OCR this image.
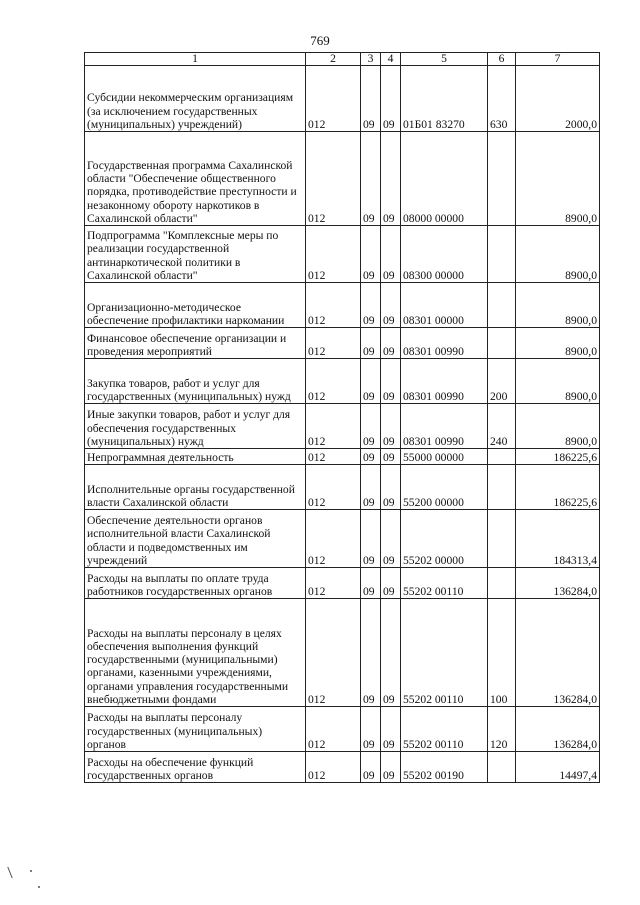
769
1	2	3	4	5	6	7
Субсидии некоммерческим организациям (за исключением государственных (муниципальных) учреждений)	012	09	09	01Б01 83270	630	2000,0
Государственная программа Сахалинской области "Обеспечение общественного порядка, противодействие преступности и незаконному обороту наркотиков в Сахалинской области"	012	09	09	08000 00000		8900,0
Подпрограмма "Комплексные меры по реализации государственной антинаркотической политики в Сахалинской области"	012	09	09	08300 00000		8900,0
Организационно-методическое обеспечение профилактики наркомании	012	09	09	08301 00000		8900,0
Финансовое обеспечение организации и проведения мероприятий	012	09	09	08301 00990		8900,0
Закупка товаров, работ и услуг для государственных (муниципальных) нужд	012	09	09	08301 00990	200	8900,0
Иные закупки товаров, работ и услуг для обеспечения государственных (муниципальных) нужд	012	09	09	08301 00990	240	8900,0
Непрограммная деятельность	012	09	09	55000 00000		186225,6
Исполнительные органы государственной власти Сахалинской области	012	09	09	55200 00000		186225,6
Обеспечение деятельности органов исполнительной власти Сахалинской области и подведомственных им учреждений	012	09	09	55202 00000		184313,4
Расходы на выплаты по оплате труда работников государственных органов	012	09	09	55202 00110		136284,0
Расходы на выплаты персоналу в целях обеспечения выполнения функций государственными (муниципальными) органами, казенными учреждениями, органами управления государственными внебюджетными фондами	012	09	09	55202 00110	100	136284,0
Расходы на выплаты персоналу государственных (муниципальных) органов	012	09	09	55202 00110	120	136284,0
Расходы на обеспечение функций государственных органов	012	09	09	55202 00190		14497,4
